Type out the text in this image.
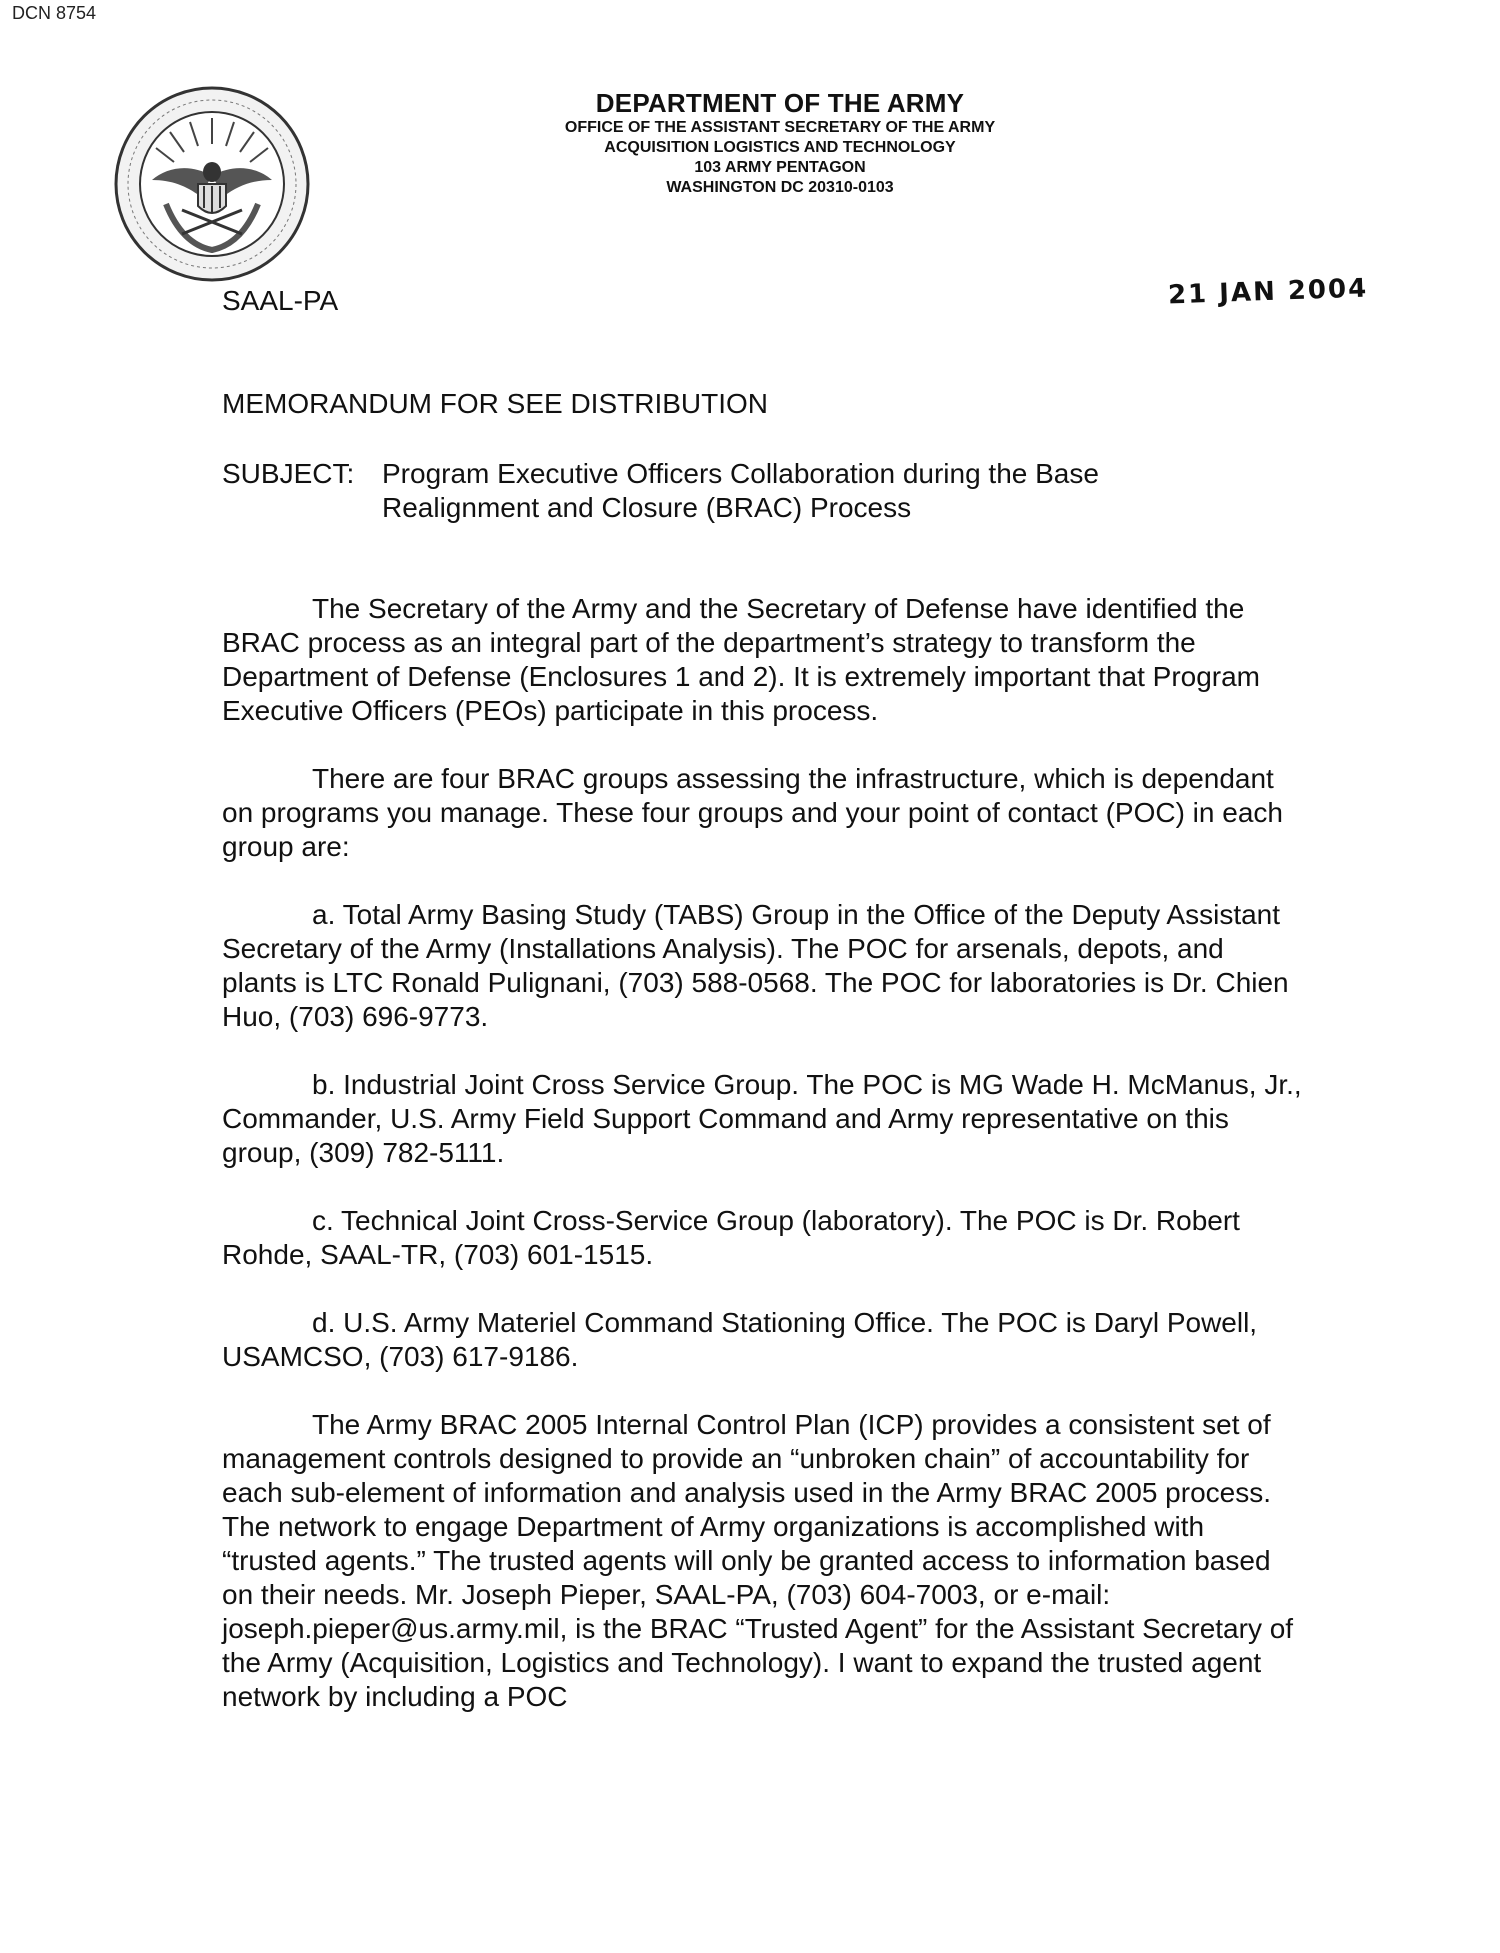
DCN 8754
DEPARTMENT OF THE ARMY
OFFICE OF THE ASSISTANT SECRETARY OF THE ARMY
ACQUISITION LOGISTICS AND TECHNOLOGY
103 ARMY PENTAGON
WASHINGTON DC 20310-0103
SAAL-PA	21 JAN 2004
MEMORANDUM FOR SEE DISTRIBUTION
SUBJECT: Program Executive Officers Collaboration during the Base
Realignment and Closure (BRAC) Process

The Secretary of the Army and the Secretary of Defense have identified the BRAC process as an integral part of the department’s strategy to transform the Department of Defense (Enclosures 1 and 2). It is extremely important that Program Executive Officers (PEOs) participate in this process.

There are four BRAC groups assessing the infrastructure, which is dependant on programs you manage. These four groups and your point of contact (POC) in each group are:

a. Total Army Basing Study (TABS) Group in the Office of the Deputy Assistant Secretary of the Army (Installations Analysis). The POC for arsenals, depots, and plants is LTC Ronald Pulignani, (703) 588-0568. The POC for laboratories is Dr. Chien Huo, (703) 696-9773.

b. Industrial Joint Cross Service Group. The POC is MG Wade H. McManus, Jr., Commander, U.S. Army Field Support Command and Army representative on this group, (309) 782-5111.

c. Technical Joint Cross-Service Group (laboratory). The POC is Dr. Robert Rohde, SAAL-TR, (703) 601-1515.

d. U.S. Army Materiel Command Stationing Office. The POC is Daryl Powell, USAMCSO, (703) 617-9186.

The Army BRAC 2005 Internal Control Plan (ICP) provides a consistent set of management controls designed to provide an “unbroken chain” of accountability for each sub-element of information and analysis used in the Army BRAC 2005 process. The network to engage Department of Army organizations is accomplished with “trusted agents.” The trusted agents will only be granted access to information based on their needs. Mr. Joseph Pieper, SAAL-PA, (703) 604-7003, or e-mail: joseph.pieper@us.army.mil, is the BRAC “Trusted Agent” for the Assistant Secretary of the Army (Acquisition, Logistics and Technology). I want to expand the trusted agent network by including a POC
